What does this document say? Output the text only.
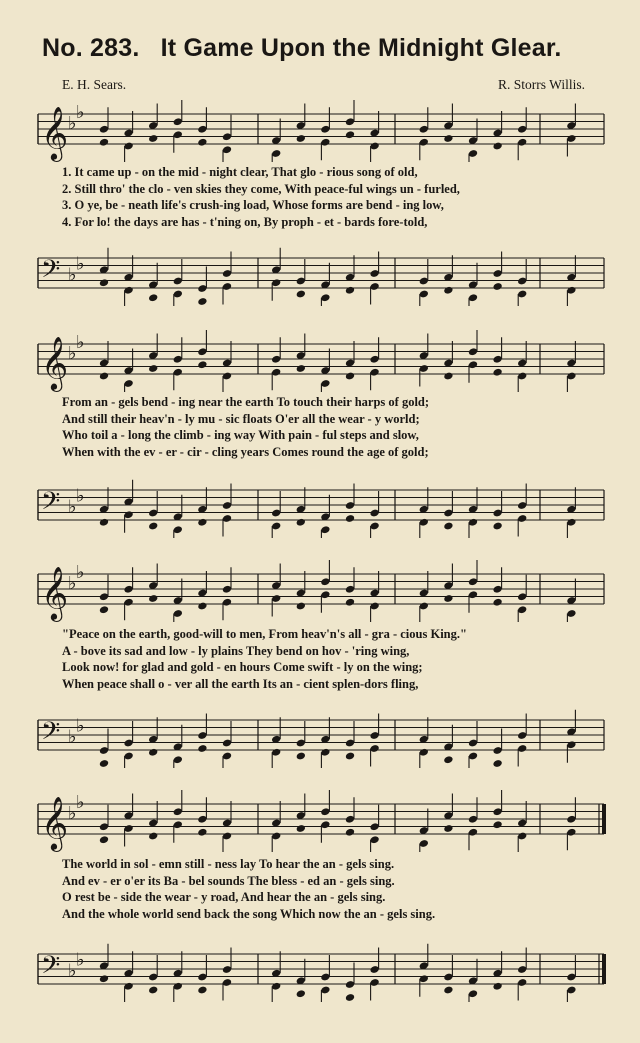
No. 283. It Game Upon the Midnight Glear.
E. H. Sears.	R. Storrs Willis.
𝄞 ♭
♭
1. It came up - on the mid - night clear, That glo - rious song of old,
2. Still thro' the clo - ven skies they come, With peace-ful wings un - furled,
3. O ye, be - neath life's crush-ing load, Whose forms are bend - ing low,
4. For lo! the days are has - t'ning on, By proph - et - bards fore-told,
𝄢 ♭
♭
𝄞 ♭
♭
From an - gels bend - ing near the earth To touch their harps of gold;
And still their heav'n - ly mu - sic floats O'er all the wear - y world;
Who toil a - long the climb - ing way With pain - ful steps and slow,
When with the ev - er - cir - cling years Comes round the age of gold;
𝄢 ♭
♭
𝄞 ♭
♭
"Peace on the earth, good-will to men, From heav'n's all - gra - cious King."
A - bove its sad and low - ly plains They bend on hov - 'ring wing,
Look now! for glad and gold - en hours Come swift - ly on the wing;
When peace shall o - ver all the earth Its an - cient splen-dors fling,
𝄢 ♭
♭
𝄞 ♭
♭
The world in sol - emn still - ness lay To hear the an - gels sing.
And ev - er o'er its Ba - bel sounds The bless - ed an - gels sing.
O rest be - side the wear - y road, And hear the an - gels sing.
And the whole world send back the song Which now the an - gels sing.
𝄢 ♭
♭
